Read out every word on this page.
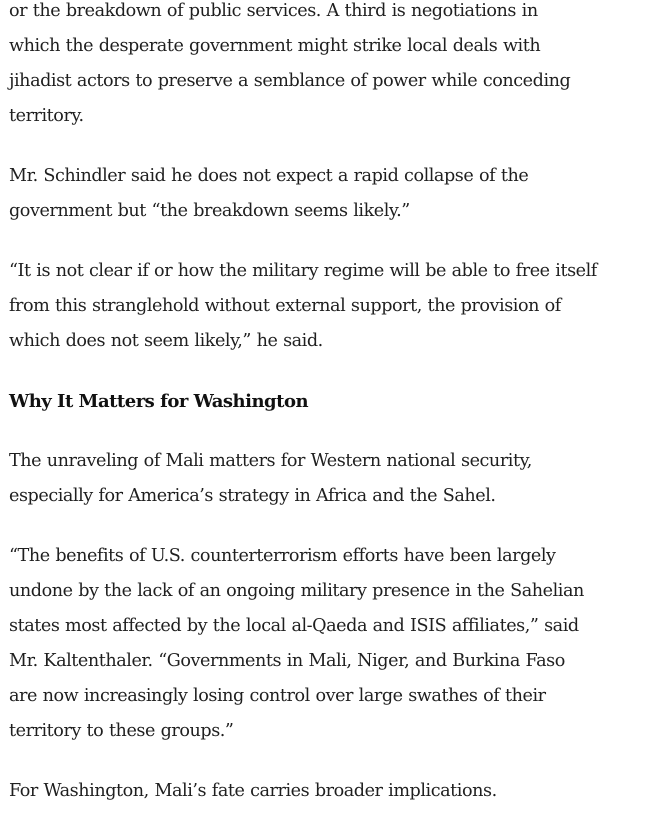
or the breakdown of public services. A third is negotiations in
which the desperate government might strike local deals with
jihadist actors to preserve a semblance of power while conceding
territory.

Mr. Schindler said he does not expect a rapid collapse of the
government but “the breakdown seems likely.”

“It is not clear if or how the military regime will be able to free itself
from this stranglehold without external support, the provision of
which does not seem likely,” he said.

Why It Matters for Washington

The unraveling of Mali matters for Western national security,
especially for America’s strategy in Africa and the Sahel.

“The benefits of U.S. counterterrorism efforts have been largely
undone by the lack of an ongoing military presence in the Sahelian
states most affected by the local al-Qaeda and ISIS affiliates,” said
Mr. Kaltenthaler. “Governments in Mali, Niger, and Burkina Faso
are now increasingly losing control over large swathes of their
territory to these groups.”

For Washington, Mali’s fate carries broader implications.
